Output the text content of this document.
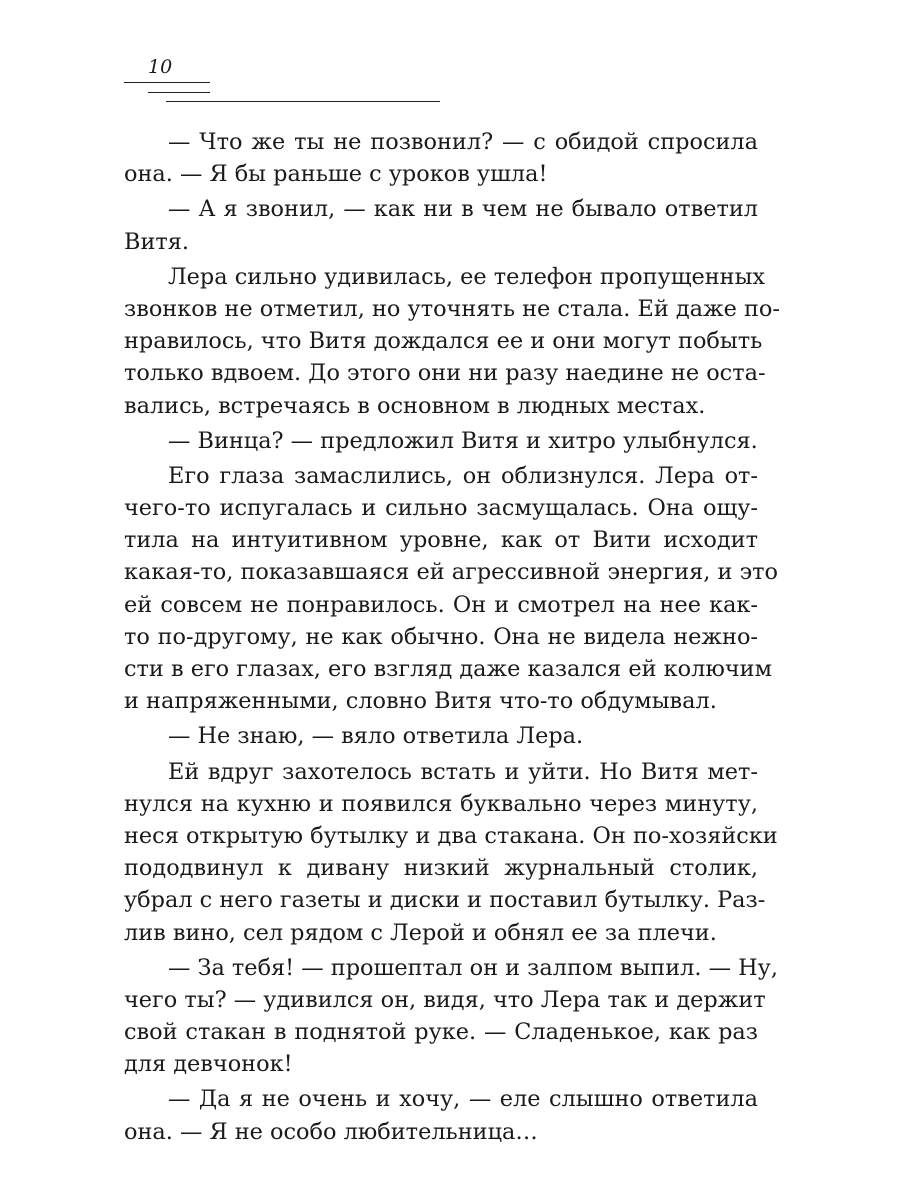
10
— Что же ты не позвонил? — с обидой спросила
она. — Я бы раньше с уроков ушла!
— А я звонил, — как ни в чем не бывало ответил
Витя.
Лера сильно удивилась, ее телефон пропущенных
звонков не отметил, но уточнять не стала. Ей даже по-
нравилось, что Витя дождался ее и они могут побыть
только вдвоем. До этого они ни разу наедине не оста-
вались, встречаясь в основном в людных местах.
— Винца? — предложил Витя и хитро улыбнулся.
Его глаза замаслились, он облизнулся. Лера от-
чего-то испугалась и сильно засмущалась. Она ощу-
тила на интуитивном уровне, как от Вити исходит
какая-то, показавшаяся ей агрессивной энергия, и это
ей совсем не понравилось. Он и смотрел на нее как-
то по-другому, не как обычно. Она не видела нежно-
сти в его глазах, его взгляд даже казался ей колючим
и напряженными, словно Витя что-то обдумывал.
— Не знаю, — вяло ответила Лера.
Ей вдруг захотелось встать и уйти. Но Витя мет-
нулся на кухню и появился буквально через минуту,
неся открытую бутылку и два стакана. Он по-хозяйски
пододвинул к дивану низкий журнальный столик,
убрал с него газеты и диски и поставил бутылку. Раз-
лив вино, сел рядом с Лерой и обнял ее за плечи.
— За тебя! — прошептал он и залпом выпил. — Ну,
чего ты? — удивился он, видя, что Лера так и держит
свой стакан в поднятой руке. — Сладенькое, как раз
для девчонок!
— Да я не очень и хочу, — еле слышно ответила
она. — Я не особо любительница…
